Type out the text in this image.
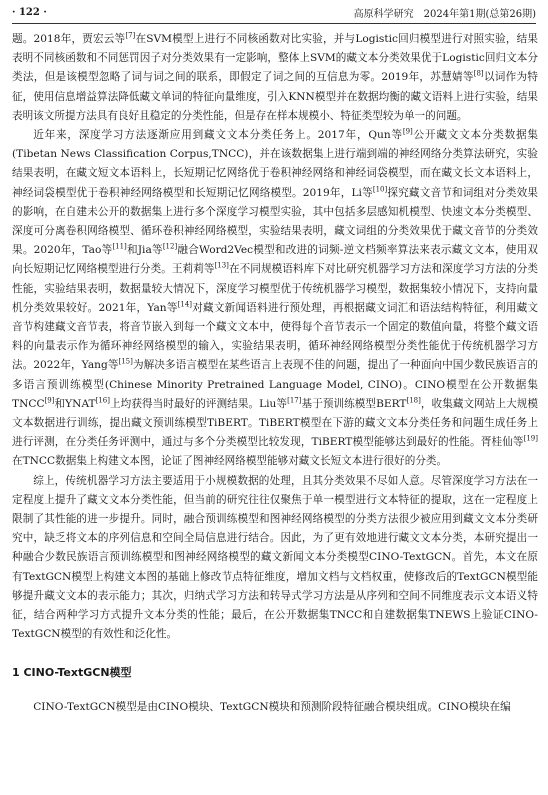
· 122 ·	高原科学研究　2024年第1期(总第26期)

题。2018年，贾宏云等[7]在SVM模型上进行不同核函数对比实验，并与Logistic回归模型进行对照实验，结果表明不同核函数和不同惩罚因子对分类效果有一定影响，整体上SVM的藏文本分类效果优于Logistic回归文本分类法，但是该模型忽略了词与词之间的联系，即假定了词之间的互信息为零。2019年，苏慧婧等[8]以词作为特征，使用信息增益算法降低藏文单词的特征向量维度，引入KNN模型并在数据均衡的藏文语料上进行实验，结果表明该文所提方法具有良好且稳定的分类性能，但是存在样本规模小、特征类型较为单一的问题。

近年来，深度学习方法逐渐应用到藏文文本分类任务上。2017年，Qun等[9]公开藏文文本分类数据集(Tibetan News Classification Corpus,TNCC)，并在该数据集上进行端到端的神经网络分类算法研究，实验结果表明，在藏文短文本语料上，长短期记忆网络优于卷积神经网络和神经词袋模型，而在藏文长文本语料上，神经词袋模型优于卷积神经网络模型和长短期记忆网络模型。2019年，Li等[10]探究藏文音节和词组对分类效果的影响，在自建未公开的数据集上进行多个深度学习模型实验，其中包括多层感知机模型、快速文本分类模型、深度可分离卷积网络模型、循环卷积神经网络模型，实验结果表明，藏文词组的分类效果优于藏文音节的分类效果。2020年，Tao等[11]和Jia等[12]融合Word2Vec模型和改进的词频-逆文档频率算法来表示藏文文本，使用双向长短期记忆网络模型进行分类。王莉莉等[13]在不同规模语料库下对比研究机器学习方法和深度学习方法的分类性能，实验结果表明，数据量较大情况下，深度学习模型优于传统机器学习模型，数据集较小情况下，支持向量机分类效果较好。2021年，Yan等[14]对藏文新闻语料进行预处理，再根据藏文词汇和语法结构特征，利用藏文音节构建藏文音节表，将音节嵌入到每一个藏文文本中，使得每个音节表示一个固定的数值向量，将整个藏文语料的向量表示作为循环神经网络模型的输入，实验结果表明，循环神经网络模型分类性能优于传统机器学习方法。2022年，Yang等[15]为解决多语言模型在某些语言上表现不佳的问题，提出了一种面向中国少数民族语言的多语言预训练模型(Chinese Minority Pretrained Language Model, CINO)。CINO模型在公开数据集TNCC[9]和YNAT[16]上均获得当时最好的评测结果。Liu等[17]基于预训练模型BERT[18]，收集藏文网站上大规模文本数据进行训练，提出藏文预训练模型TiBERT。TiBERT模型在下游的藏文文本分类任务和问题生成任务上进行评测，在分类任务评测中，通过与多个分类模型比较发现，TiBERT模型能够达到最好的性能。胥桂仙等[19]在TNCC数据集上构建文本图，论证了图神经网络模型能够对藏文长短文本进行很好的分类。

综上，传统机器学习方法主要适用于小规模数据的处理，且其分类效果不尽如人意。尽管深度学习方法在一定程度上提升了藏文文本分类性能，但当前的研究往往仅聚焦于单一模型进行文本特征的提取，这在一定程度上限制了其性能的进一步提升。同时，融合预训练模型和图神经网络模型的分类方法很少被应用到藏文文本分类研究中，缺乏将文本的序列信息和空间全局信息进行结合。因此，为了更有效地进行藏文文本分类，本研究提出一种融合少数民族语言预训练模型和图神经网络模型的藏文新闻文本分类模型CINO-TextGCN。首先，本文在原有TextGCN模型上构建文本图的基础上修改节点特征维度，增加文档与文档权重，使修改后的TextGCN模型能够提升藏文文本的表示能力；其次，归纳式学习方法和转导式学习方法是从序列和空间不同维度表示文本语义特征，结合两种学习方式提升文本分类的性能；最后，在公开数据集TNCC和自建数据集TNEWS上验证CINO-TextGCN模型的有效性和泛化性。

1 CINO-TextGCN模型

CINO-TextGCN模型是由CINO模块、TextGCN模块和预测阶段特征融合模块组成。CINO模块在编
